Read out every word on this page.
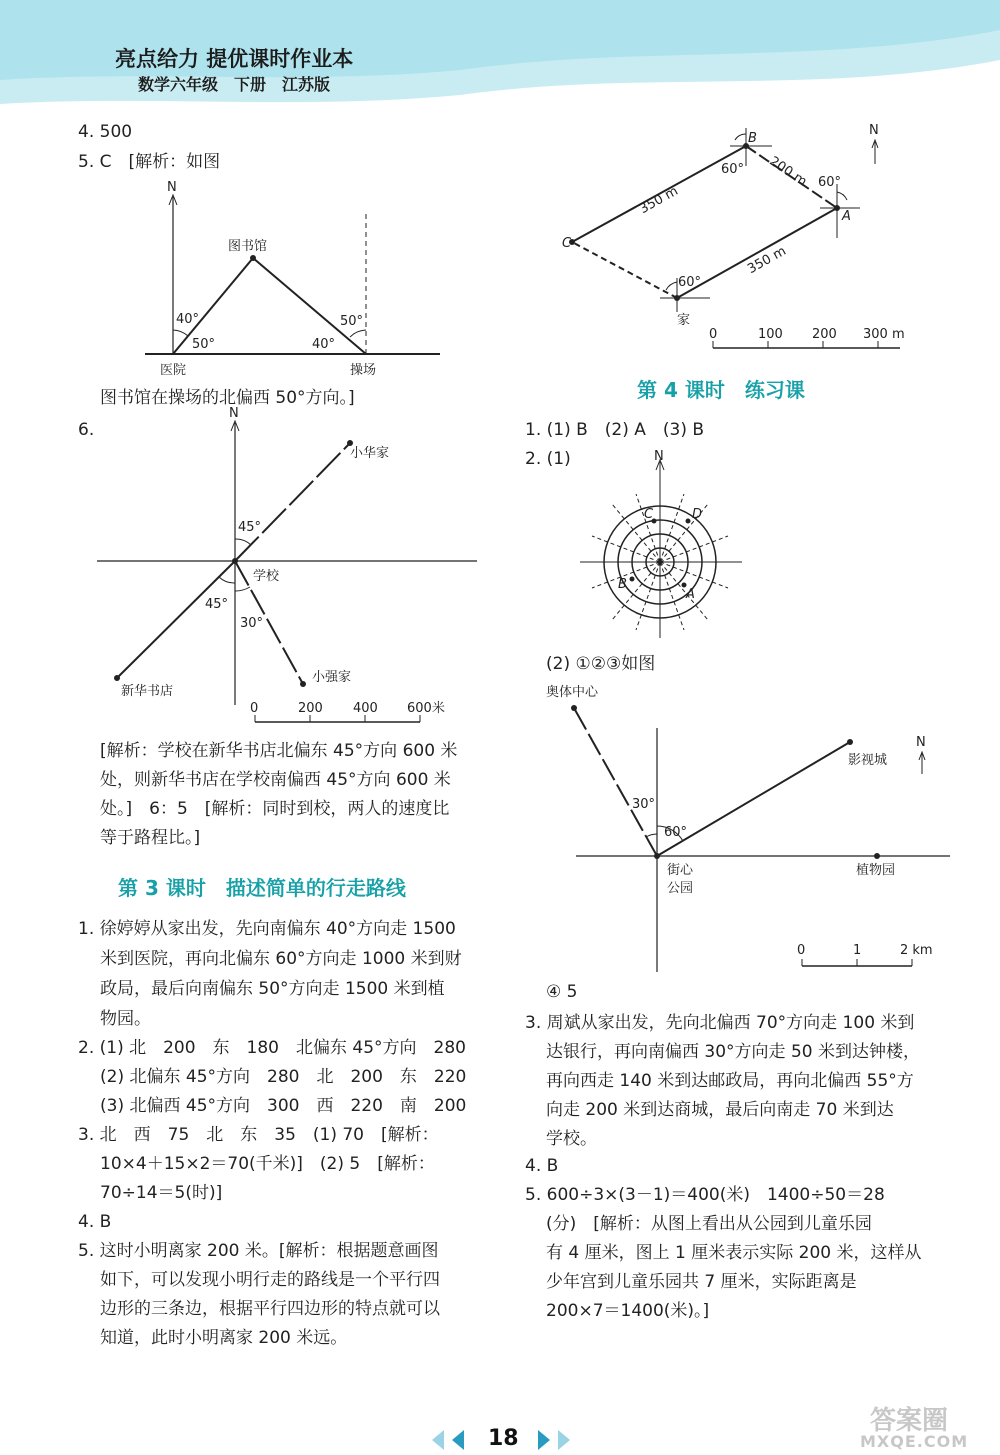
亮点给力 提优课时作业本
数学六年级　下册　江苏版
4. 500
5. C　[解析：如图
N
图书馆
40°
50°	40°
50°
医院	操场
图书馆在操场的北偏西 50°方向。]
6.
N
小华家
45°
学校
45°
30°
新华书店
小强家
0	200 400 600米
[解析：学校在新华书店北偏东 45°方向 600 米
处，则新华书店在学校南偏西 45°方向 600 米
处。]　6：5　[解析：同时到校，两人的速度比
等于路程比。]
第 3 课时　描述简单的行走路线
1. 徐婷婷从家出发，先向南偏东 40°方向走 1500
米到医院，再向北偏东 60°方向走 1000 米到财
政局，最后向南偏东 50°方向走 1500 米到植
物园。
2. (1) 北　200　东　180　北偏东 45°方向　280
(2) 北偏东 45°方向　280　北　200　东　220
(3) 北偏西 45°方向　300　西　220　南　200
3. 北　西　75　北　东　35　(1) 70　[解析：
10×4＋15×2＝70(千米)]　(2) 5　[解析：
70÷14＝5(时)]
4. B
5. 这时小明离家 200 米。[解析：根据题意画图
如下，可以发现小明行走的路线是一个平行四
边形的三条边，根据平行四边形的特点就可以
知道，此时小明离家 200 米远。
B
A
C
家
60°
60°
60°
200 m
350 m
350 m
N
0	100 200 300 m
第 4 课时　练习课
1. (1) B　(2) A　(3) B
2. (1)	N
C	D
B
A
(2) ①②③如图
奥体中心
30°
60°
影视城
N
街心
公园
植物园
0	1	2 km
④ 5
3. 周斌从家出发，先向北偏西 70°方向走 100 米到
达银行，再向南偏西 30°方向走 50 米到达钟楼，
再向西走 140 米到达邮政局，再向北偏西 55°方
向走 200 米到达商城，最后向南走 70 米到达
学校。
4. B
5. 600÷3×(3－1)＝400(米)　1400÷50＝28
(分)　[解析：从图上看出从公园到儿童乐园
有 4 厘米，图上 1 厘米表示实际 200 米，这样从
少年宫到儿童乐园共 7 厘米，实际距离是
200×7＝1400(米)。]
18
答案圈
MXQE.COM
